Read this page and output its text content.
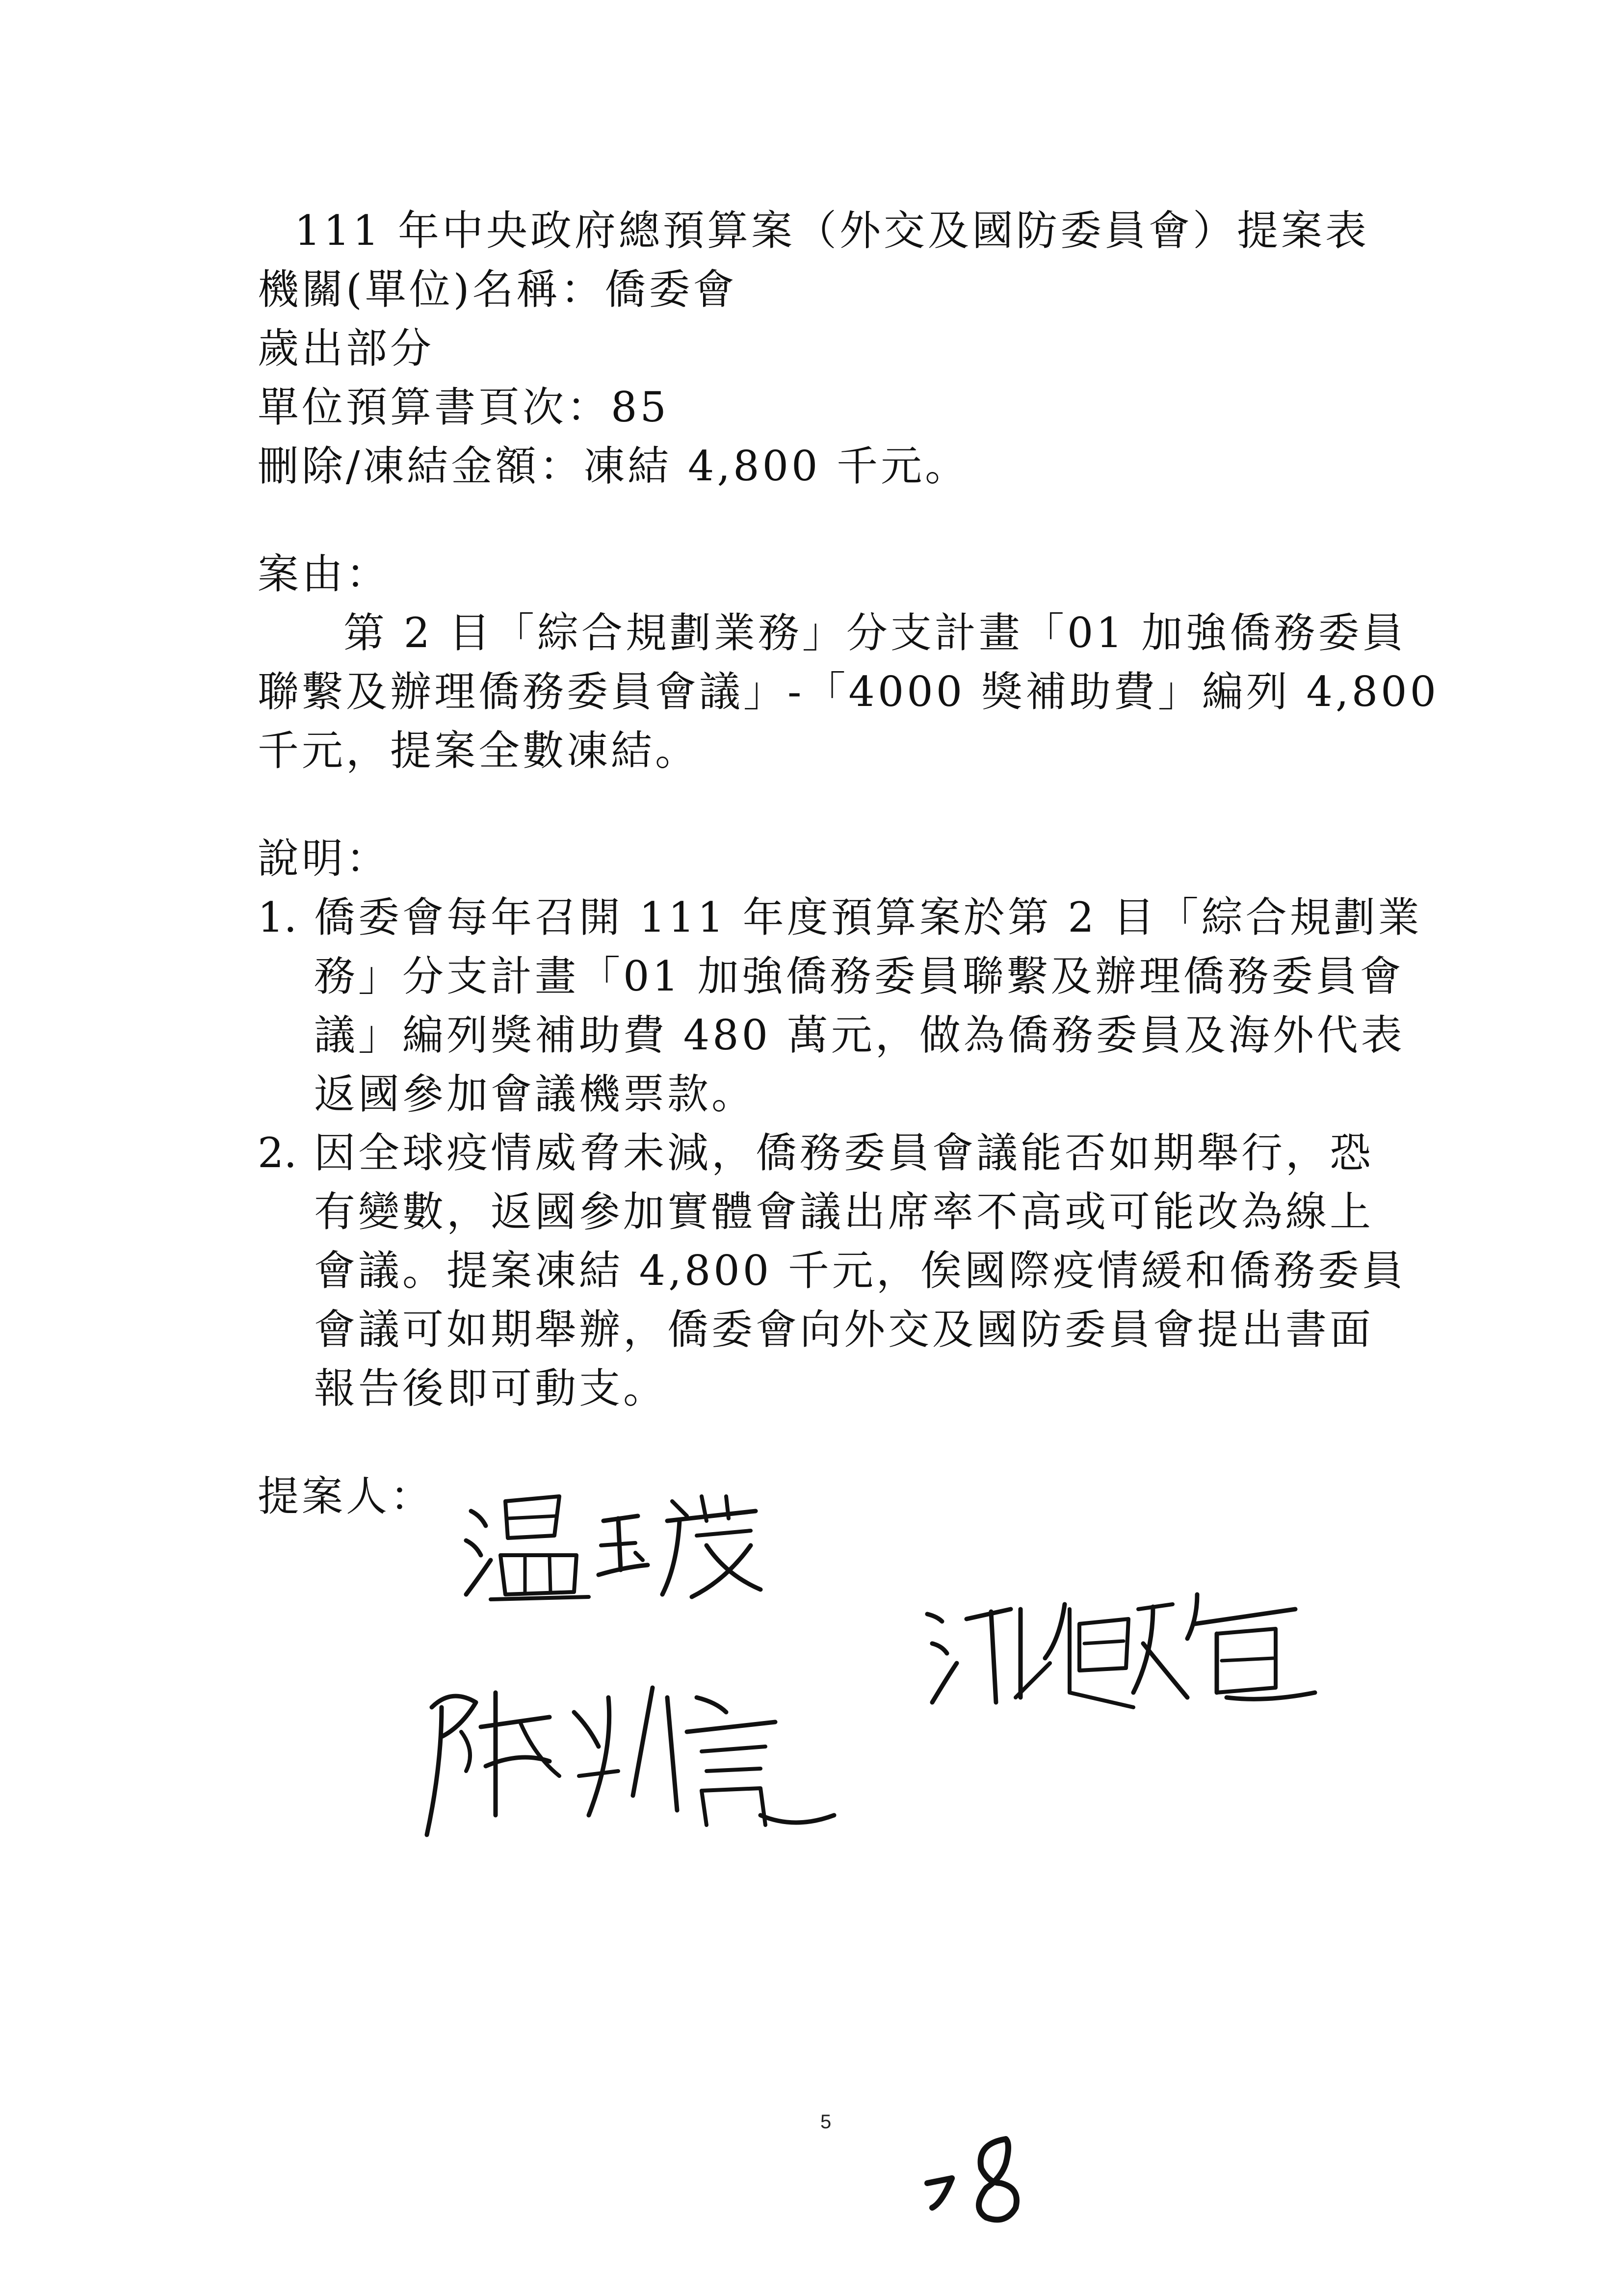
111 年中央政府總預算案（外交及國防委員會）提案表
機關(單位)名稱：僑委會
歲出部分
單位預算書頁次：85
刪除/凍結金額：凍結 4,800 千元。
案由：
第 2 目「綜合規劃業務」分支計畫「01 加強僑務委員
聯繫及辦理僑務委員會議」-「4000 獎補助費」編列 4,800
千元，提案全數凍結。
說明：
1. 僑委會每年召開 111 年度預算案於第 2 目「綜合規劃業
務」分支計畫「01 加強僑務委員聯繫及辦理僑務委員會
議」編列獎補助費 480 萬元，做為僑務委員及海外代表
返國參加會議機票款。
2. 因全球疫情威脅未減，僑務委員會議能否如期舉行，恐
有變數，返國參加實體會議出席率不高或可能改為線上
會議。提案凍結 4,800 千元，俟國際疫情緩和僑務委員
會議可如期舉辦，僑委會向外交及國防委員會提出書面
報告後即可動支。
提案人：
5
